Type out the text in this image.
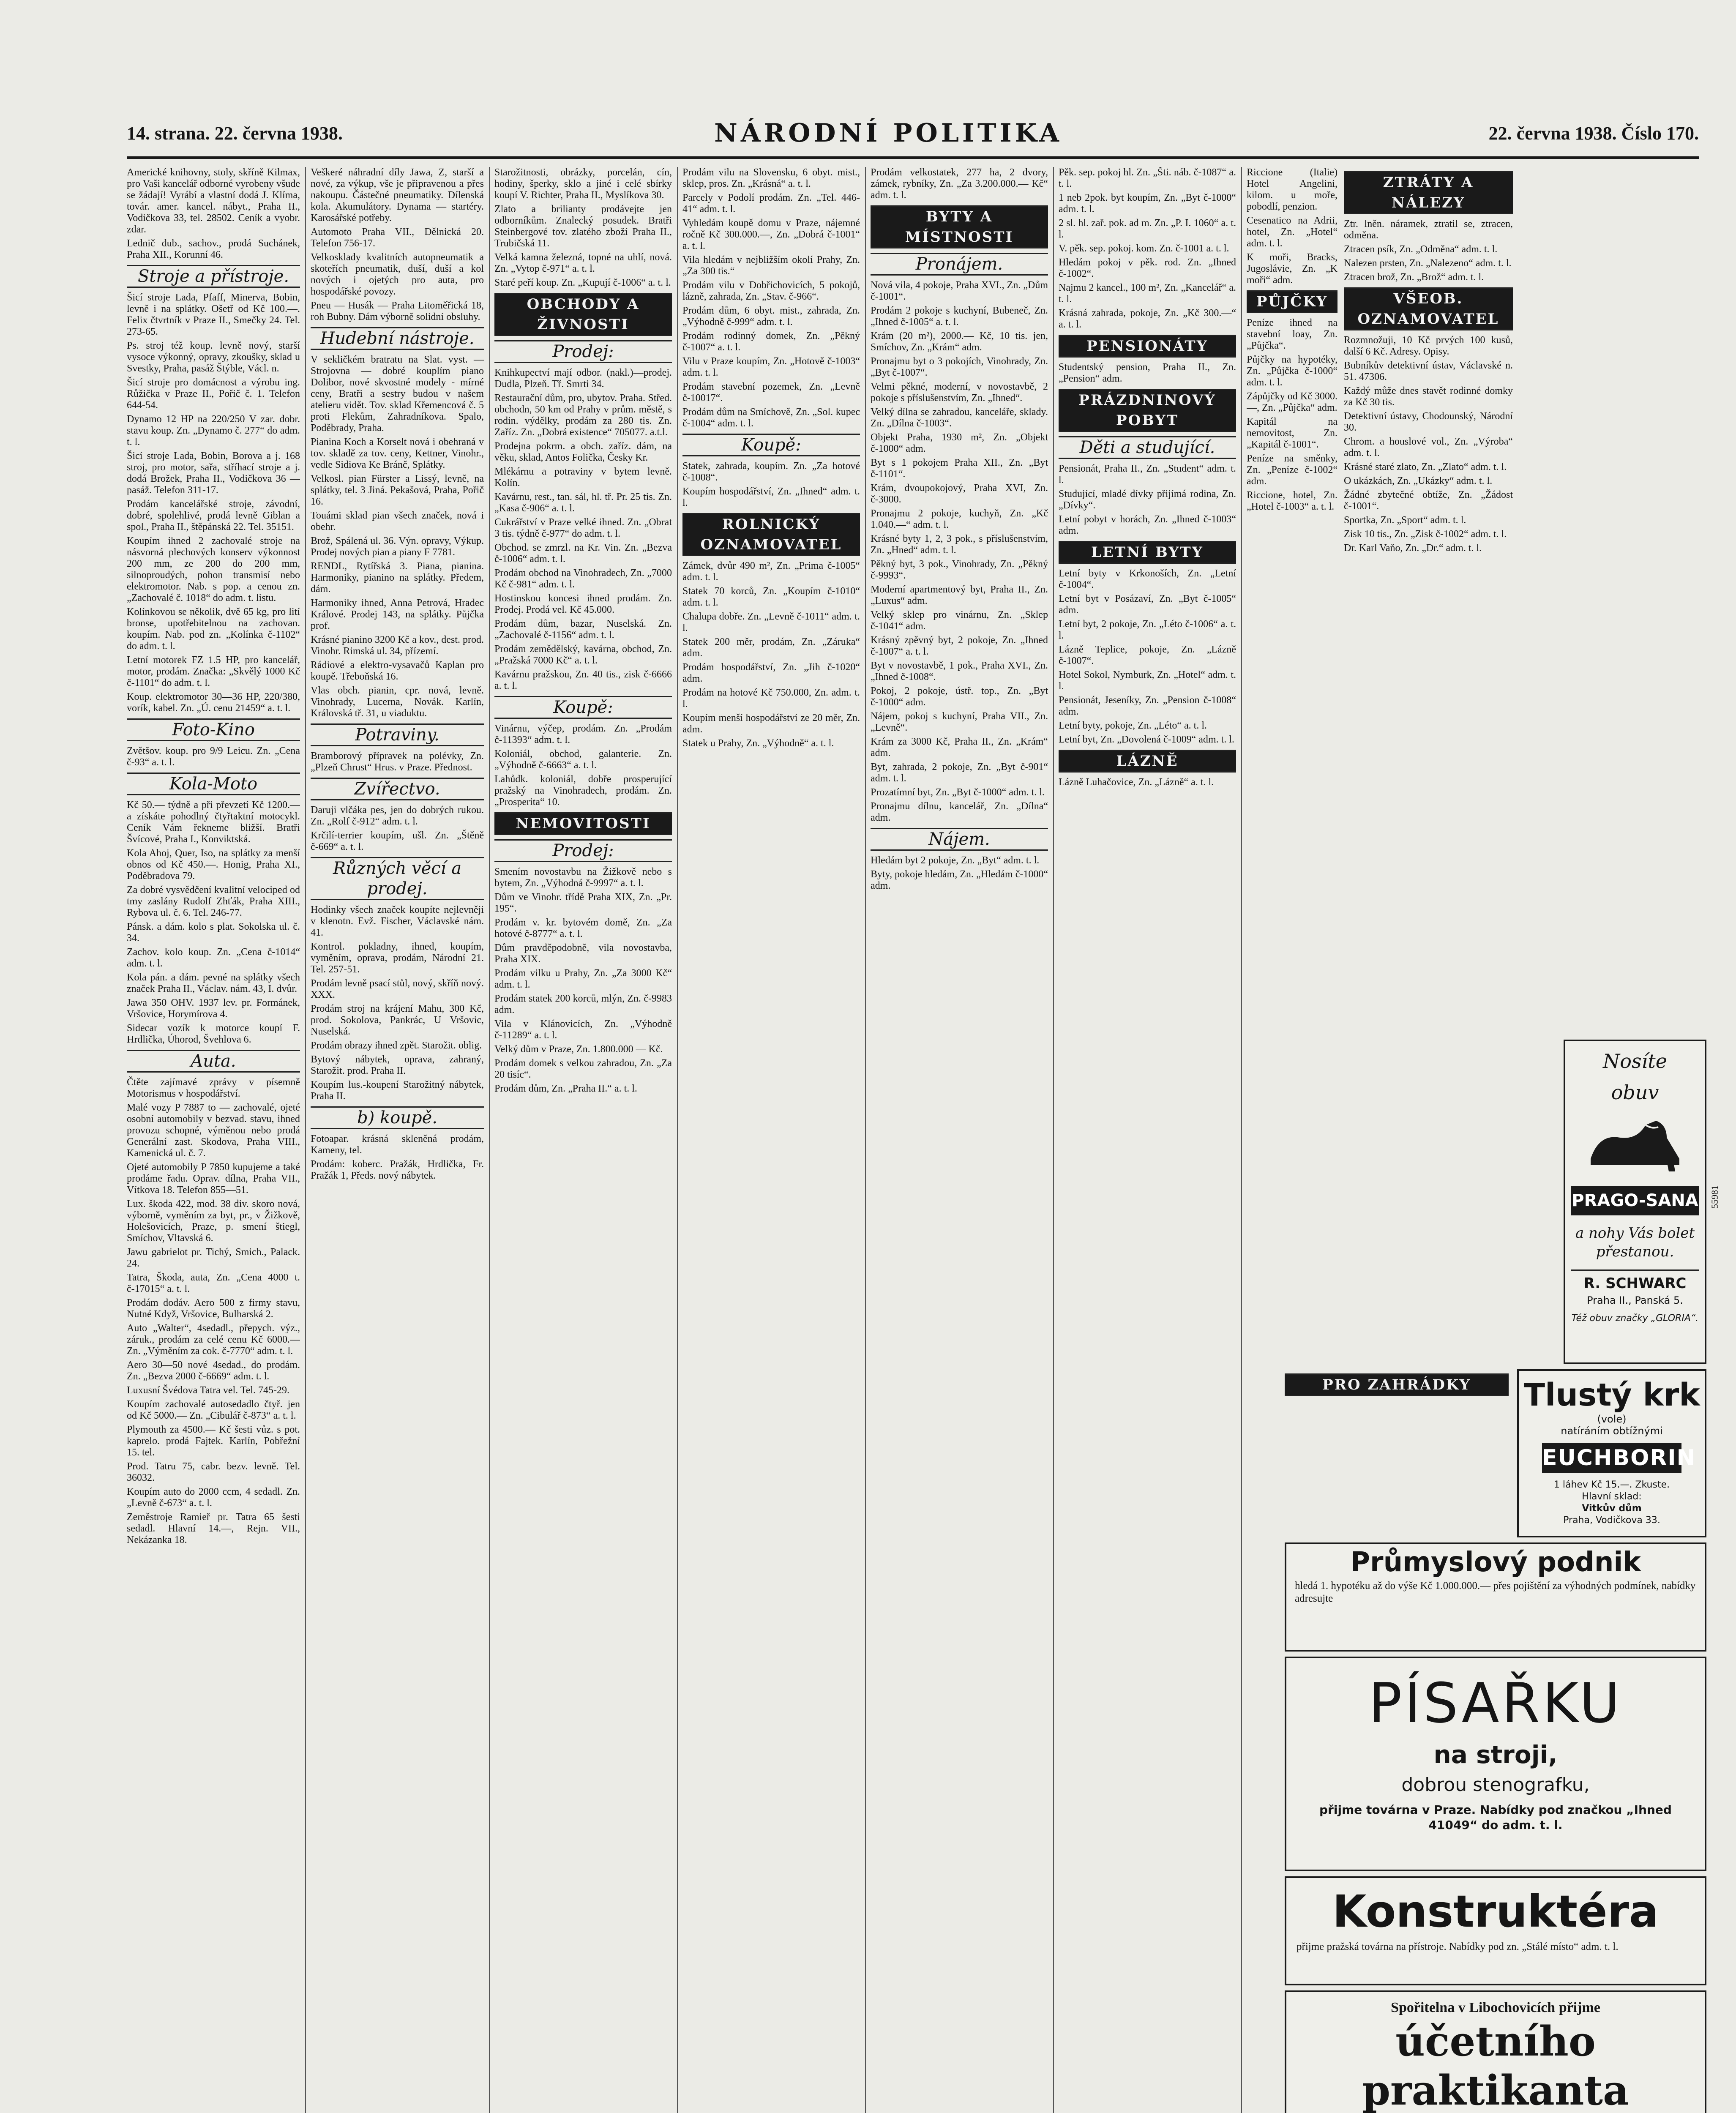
14. strana. 22. června 1938.	NÁRODNÍ POLITIKA	22. června 1938. Číslo 170.

Americké knihovny, stoly, skříně Kilmax, pro Vaši kancelář odborné vyrobeny všude se žádají! Vyrábí a vlastní dodá J. Klíma, továr. amer. kancel. nábyt., Praha II., Vodičkova 33, tel. 28502. Ceník a vyobr. zdar.

Lednič dub., sachov., prodá Suchánek, Praha XII., Korunní 46.

Stroje a přístroje.

Šicí stroje Lada, Pfaff, Minerva, Bobin, levně i na splátky. Ošetř od Kč 100.—. Felix čtvrtník v Praze II., Smečky 24. Tel. 273-65.

Ps. stroj též koup. levně nový, starší vysoce výkonný, opravy, zkoušky, sklad u Svestky, Praha, pasáž Štýble, Václ. n.

Šicí stroje pro domácnost a výrobu ing. Růžička v Praze II., Pořič č. 1. Telefon 644-54.

Dynamo 12 HP na 220/250 V zar. dobr. stavu koup. Zn. „Dynamo č. 277“ do adm. t. l.

Šicí stroje Lada, Bobin, Borova a j. 168 stroj, pro motor, sařa, stříhací stroje a j. dodá Brožek, Praha II., Vodičkova 36 — pasáž. Telefon 311-17.

Prodám kancelářské stroje, závodní, dobré, spolehlivé, prodá levně Giblan a spol., Praha II., štěpánská 22. Tel. 35151.

Koupím ihned 2 zachovalé stroje na násvorná plechových konserv výkonnost 200 mm, ze 200 do 200 mm, silnoproudých, pohon transmisí nebo elektromotor. Nab. s pop. a cenou zn. „Zachovalé č. 1018“ do adm. t. listu.

Kolínkovou se několik, dvě 65 kg, pro lití bronse, upotřebitelnou na zachovan. koupím. Nab. pod zn. „Kolínka č-1102“ do adm. t. l.

Letní motorek FZ 1.5 HP, pro kancelář, motor, prodám. Značka: „Skvělý 1000 Kč č-1101“ do adm. t. l.

Koup. elektromotor 30—36 HP, 220/380, vorík, kabel. Zn. „Ú. cenu 21459“ a. t. l.

Foto-Kino

Zvětšov. koup. pro 9/9 Leicu. Zn. „Cena č-93“ a. t. l.

Kola-Moto

Kč 50.— týdně a při převzetí Kč 1200.— a získáte pohodlný čtyřtaktní motocykl. Ceník Vám řekneme bližší. Bratři Švícové, Praha I., Konviktská.

Kola Ahoj, Quer, Iso, na splátky za menší obnos od Kč 450.—. Honig, Praha XI., Poděbradova 79.

Za dobré vysvědčení kvalitní velociped od tmy zaslány Rudolf Zhťák, Praha XIII., Rybova ul. č. 6. Tel. 246-77.

Pánsk. a dám. kolo s plat. Sokolska ul. č. 34.

Zachov. kolo koup. Zn. „Cena č-1014“ adm. t. l.

Kola pán. a dám. pevné na splátky všech značek Praha II., Václav. nám. 43, I. dvůr.

Jawa 350 OHV. 1937 lev. pr. Formánek, Vršovice, Horymírova 4.

Sidecar vozík k motorce koupí F. Hrdlička, Úhorod, Švehlova 6.

Auta.

Čtěte zajímavé zprávy v písemně Motorismus v hospodářství.

Malé vozy P 7887 to — zachovalé, ojeté osobní automobily v bezvad. stavu, ihned provozu schopné, výměnou nebo prodá Generální zast. Skodova, Praha VIII., Kamenická ul. č. 7.

Ojeté automobily P 7850 kupujeme a také prodáme řadu. Oprav. dílna, Praha VII., Vítkova 18. Telefon 855—51.

Lux. škoda 422, mod. 38 div. skoro nová, výborně, vyměním za byt, pr., v Žižkově, Holešovicích, Praze, p. smení štiegl, Smíchov, Vltavská 6.

Jawu gabrielot pr. Tichý, Smich., Palack. 24.

Tatra, Škoda, auta, Zn. „Cena 4000 t. č-17015“ a. t. l.

Prodám dodáv. Aero 500 z firmy stavu, Nutné Když, Vršovice, Bulharská 2.

Auto „Walter“, 4sedadl., přepych. výz., záruk., prodám za celé cenu Kč 6000.— Zn. „Výměním za cok. č-7770“ adm. t. l.

Aero 30—50 nové 4sedad., do prodám. Zn. „Bezva 2000 č-6669“ adm. t. l.

Luxusní Švédova Tatra vel. Tel. 745-29.

Koupím zachovalé autosedadlo čtyř. jen od Kč 5000.— Zn. „Cibulář č-873“ a. t. l.

Plymouth za 4500.— Kč šesti vůz. s pot. kaprelo. prodá Fajtek. Karlín, Pobřežní 15. tel.

Prod. Tatru 75, cabr. bezv. levně. Tel. 36032.

Koupím auto do 2000 ccm, 4 sedadl. Zn. „Levně č-673“ a. t. l.

Zeměstroje Ramieř pr. Tatra 65 šesti sedadl. Hlavní 14.—, Rejn. VII., Nekázanka 18.

Veškeré náhradní díly Jawa, Z, starší a nové, za výkup, vše je připravenou a přes nakoupu. Částečné pneumatiky. Dílenská kola. Akumulátory. Dynama — startéry. Karosářské potřeby.

Automoto Praha VII., Dělnická 20. Telefon 756-17.

Velkosklady kvalitních autopneumatik a skoteřích pneumatik, duší, duší a kol nových i ojetých pro auta, pro hospodářské povozy.

Pneu — Husák — Praha Litoměřická 18, roh Bubny. Dám výborně solidní obsluhy.

Hudební nástroje.

V sekličkém bratratu na Slat. vyst. — Strojovna — dobré kouplím piano Dolibor, nové skvostné modely - mírné ceny, Bratři a sestry budou v našem atelieru vidět. Tov. sklad Křemencová č. 5 proti Flekům, Zahradníkova. Spalo, Poděbrady, Praha.

Pianina Koch a Korselt nová i obehraná v tov. skladě za tov. ceny, Kettner, Vinohr., vedle Sidiova Ke Bránč, Splátky.

Velkosl. pian Fürster a Lissý, levně, na splátky, tel. 3 Jiná. Pekašová, Praha, Pořič 16.

Touámi sklad pian všech značek, nová i obehr.

Brož, Spálená ul. 36. Výn. opravy, Výkup. Prodej nových pian a piany F 7781.

RENDL, Rytířská 3. Piana, pianina. Harmoniky, pianino na splátky. Předem, dám.

Harmoniky ihned, Anna Petrová, Hradec Králové. Prodej 143, na splátky. Půjčka prof.

Krásné pianino 3200 Kč a kov., dest. prod. Vinohr. Rimská ul. 34, přízemí.

Rádiové a elektro-vysavačů Kaplan pro koupě. Třeboňská 16.

Vlas obch. pianin, cpr. nová, levně. Vinohrady, Lucerna, Novák. Karlín, Královská tř. 31, u viaduktu.

Potraviny.

Bramborový přípravek na polévky, Zn. „Plzeň Chrust“ Hrus. v Praze. Přednost.

Zvířectvo.

Daruji vlčáka pes, jen do dobrých rukou. Zn. „Rolf č-912“ adm. t. l.

Krčilí-terrier koupím, ušl. Zn. „Štěně č-669“ a. t. l.

Různých věcí a prodej.

Hodinky všech značek koupíte nejlevněji v klenotn. Evž. Fischer, Václavské nám. 41.

Kontrol. pokladny, ihned, koupím, vyměním, oprava, prodám, Národní 21. Tel. 257-51.

Prodám levně psací stůl, nový, skříň nový. XXX.

Prodám stroj na krájení Mahu, 300 Kč, prod. Sokolova, Pankrác, U Vršovic, Nuselská.

Prodám obrazy ihned zpět. Starožit. oblig.

Bytový nábytek, oprava, zahraný, Starožit. prod. Praha II.

Koupím lus.-koupení Starožitný nábytek, Praha II.

b) koupě.

Fotoapar. krásná skleněná prodám, Kameny, tel.

Prodám: koberc. Pražák, Hrdlička, Fr. Pražák 1, Předs. nový nábytek.

Starožitnosti, obrázky, porcelán, cín, hodiny, šperky, sklo a jiné i celé sbírky koupí V. Richter, Praha II., Myslíkova 30.

Zlato a brilianty prodávejte jen odborníkům. Znalecký posudek. Bratři Steinbergové tov. zlatého zboží Praha II., Trubičská 11.

Velká kamna železná, topné na uhlí, nová. Zn. „Vytop č-971“ a. t. l.

Staré peří koup. Zn. „Kupují č-1006“ a. t. l.

OBCHODY A ŽIVNOSTI
Prodej:

Knihkupectví mají odbor. (nakl.)—prodej. Dudla, Plzeň. Tř. Smrti 34.

Restaurační dům, pro, ubytov. Praha. Střed. obchodn, 50 km od Prahy v prům. městě, s rodin. výdělky, prodám za 280 tis. Zn. Zaříz. Zn. „Dobrá existence“ 705077. a.t.l.

Prodejna pokrm. a obch. zaříz. dám, na věku, sklad, Antos Folička, Česky Kr.

Mlékárnu a potraviny v bytem levně. Kolín.

Kavárnu, rest., tan. sál, hl. tř. Pr. 25 tis. Zn. „Kasa č-906“ a. t. l.

Cukrářství v Praze velké ihned. Zn. „Obrat 3 tis. týdně č-977“ do adm. t. l.

Obchod. se zmrzl. na Kr. Vin. Zn. „Bezva č-1006“ adm. t. l.

Prodám obchod na Vinohradech, Zn. „7000 Kč č-981“ adm. t. l.

Hostinskou koncesi ihned prodám. Zn. Prodej. Prodá vel. Kč 45.000.

Prodám dům, bazar, Nuselská. Zn. „Zachovalé č-1156“ adm. t. l.

Prodám zemědělský, kavárna, obchod, Zn. „Pražská 7000 Kč“ a. t. l.

Kavárnu pražskou, Zn. 40 tis., zisk č-6666 a. t. l.

Koupě:

Vinárnu, výčep, prodám. Zn. „Prodám č-11393“ adm. t. l.

Koloniál, obchod, galanterie. Zn. „Výhodně č-6663“ a. t. l.

Lahůdk. koloniál, dobře prosperující pražský na Vinohradech, prodám. Zn. „Prosperita“ 10.

NEMOVITOSTI
Prodej:

Smením novostavbu na Žižkově nebo s bytem, Zn. „Výhodná č-9997“ a. t. l.

Dům ve Vinohr. třídě Praha XIX, Zn. „Pr. 195“.

Prodám v. kr. bytovém domě, Zn. „Za hotové č-8777“ a. t. l.

Dům pravděpodobně, vila novostavba, Praha XIX.

Prodám vilku u Prahy, Zn. „Za 3000 Kč“ adm. t. l.

Prodám statek 200 korců, mlýn, Zn. č-9983 adm.

Vila v Klánovicích, Zn. „Výhodně č-11289“ a. t. l.

Velký dům v Praze, Zn. 1.800.000 — Kč.

Prodám domek s velkou zahradou, Zn. „Za 20 tisíc“.

Prodám dům, Zn. „Praha II.“ a. t. l.

Prodám vilu na Slovensku, 6 obyt. mist., sklep, pros. Zn. „Krásná“ a. t. l.

Parcely v Podolí prodám. Zn. „Tel. 446-41“ adm. t. l.

Vyhledám koupě domu v Praze, nájemné ročně Kč 300.000.—, Zn. „Dobrá č-1001“ a. t. l.

Vila hledám v nejbližším okolí Prahy, Zn. „Za 300 tis.“

Prodám vilu v Dobřichovicích, 5 pokojů, lázně, zahrada, Zn. „Stav. č-966“.

Prodám dům, 6 obyt. mist., zahrada, Zn. „Výhodně č-999“ adm. t. l.

Prodám rodinný domek, Zn. „Pěkný č-1007“ a. t. l.

Vilu v Praze koupím, Zn. „Hotově č-1003“ adm. t. l.

Prodám stavební pozemek, Zn. „Levně č-10017“.

Prodám dům na Smíchově, Zn. „Sol. kupec č-1004“ adm. t. l.

Koupě:

Statek, zahrada, koupím. Zn. „Za hotové č-1008“.

Koupím hospodářství, Zn. „Ihned“ adm. t. l.

ROLNICKÝ OZNAMOVATEL

Zámek, dvůr 490 m², Zn. „Prima č-1005“ adm. t. l.

Statek 70 korců, Zn. „Koupím č-1010“ adm. t. l.

Chalupa dobře. Zn. „Levně č-1011“ adm. t. l.

Statek 200 měr, prodám, Zn. „Záruka“ adm.

Prodám hospodářství, Zn. „Jih č-1020“ adm.

Prodám na hotové Kč 750.000, Zn. adm. t. l.

Koupím menší hospodářství ze 20 měr, Zn. adm.

Statek u Prahy, Zn. „Výhodně“ a. t. l.

Prodám velkostatek, 277 ha, 2 dvory, zámek, rybníky, Zn. „Za 3.200.000.— Kč“ adm. t. l.

BYTY A MÍSTNOSTI
Pronájem.

Nová vila, 4 pokoje, Praha XVI., Zn. „Dům č-1001“.

Prodám 2 pokoje s kuchyní, Bubeneč, Zn. „Ihned č-1005“ a. t. l.

Krám (20 m²), 2000.— Kč, 10 tis. jen, Smíchov, Zn. „Krám“ adm.

Pronajmu byt o 3 pokojích, Vinohrady, Zn. „Byt č-1007“.

Velmi pěkné, moderní, v novostavbě, 2 pokoje s příslušenstvím, Zn. „Ihned“.

Velký dílna se zahradou, kanceláře, sklady. Zn. „Dílna č-1003“.

Objekt Praha, 1930 m², Zn. „Objekt č-1000“ adm.

Byt s 1 pokojem Praha XII., Zn. „Byt č-1101“.

Krám, dvoupokojový, Praha XVI, Zn. č-3000.

Pronajmu 2 pokoje, kuchyň, Zn. „Kč 1.040.—“ adm. t. l.

Krásné byty 1, 2, 3 pok., s příslušenstvím, Zn. „Hned“ adm. t. l.

Pěkný byt, 3 pok., Vinohrady, Zn. „Pěkný č-9993“.

Moderní apartmentový byt, Praha II., Zn. „Luxus“ adm.

Velký sklep pro vinárnu, Zn. „Sklep č-1041“ adm.

Krásný zpěvný byt, 2 pokoje, Zn. „Ihned č-1007“ a. t. l.

Byt v novostavbě, 1 pok., Praha XVI., Zn. „Ihned č-1008“.

Pokoj, 2 pokoje, ústř. top., Zn. „Byt č-1000“ adm.

Nájem, pokoj s kuchyní, Praha VII., Zn. „Levně“.

Krám za 3000 Kč, Praha II., Zn. „Krám“ adm.

Byt, zahrada, 2 pokoje, Zn. „Byt č-901“ adm. t. l.

Prozatímní byt, Zn. „Byt č-1000“ adm. t. l.

Pronajmu dílnu, kancelář, Zn. „Dílna“ adm.

Nájem.

Hledám byt 2 pokoje, Zn. „Byt“ adm. t. l.

Byty, pokoje hledám, Zn. „Hledám č-1000“ adm.

Pěk. sep. pokoj hl. Zn. „Šti. náb. č-1087“ a. t. l.

1 neb 2pok. byt koupím, Zn. „Byt č-1000“ adm. t. l.

2 sl. hl. zař. pok. ad m. Zn. „P. I. 1060“ a. t. l.

V. pěk. sep. pokoj. kom. Zn. č-1001 a. t. l.

Hledám pokoj v pěk. rod. Zn. „Ihned č-1002“.

Najmu 2 kancel., 100 m², Zn. „Kancelář“ a. t. l.

Krásná zahrada, pokoje, Zn. „Kč 300.—“ a. t. l.

PENSIONÁTY

Studentský pension, Praha II., Zn. „Pension“ adm.

PRÁZDNINOVÝ POBYT
Děti a studující.

Pensionát, Praha II., Zn. „Student“ adm. t. l.

Studující, mladé dívky přijímá rodina, Zn. „Dívky“.

Letní pobyt v horách, Zn. „Ihned č-1003“ adm.

LETNÍ BYTY

Letní byty v Krkonoších, Zn. „Letní č-1004“.

Letní byt v Posázaví, Zn. „Byt č-1005“ adm.

Letní byt, 2 pokoje, Zn. „Léto č-1006“ a. t. l.

Lázně Teplice, pokoje, Zn. „Lázně č-1007“.

Hotel Sokol, Nymburk, Zn. „Hotel“ adm. t. l.

Pensionát, Jeseníky, Zn. „Pension č-1008“ adm.

Letní byty, pokoje, Zn. „Léto“ a. t. l.

Letní byt, Zn. „Dovolená č-1009“ adm. t. l.

LÁZNĚ

Lázně Luhačovice, Zn. „Lázně“ a. t. l.

Riccione (Italie) Hotel Angelini, kilom. u moře, pobodlí, penzion.

Cesenatico na Adrii, hotel, Zn. „Hotel“ adm. t. l.

K moři, Bracks, Jugoslávie, Zn. „K moři“ adm.

PŮJČKY

Peníze ihned na stavební loay, Zn. „Půjčka“.

Půjčky na hypotéky, Zn. „Půjčka č-1000“ adm. t. l.

Zápůjčky od Kč 3000.—, Zn. „Půjčka“ adm.

Kapitál na nemovitost, Zn. „Kapitál č-1001“.

Peníze na směnky, Zn. „Peníze č-1002“ adm.

Riccione, hotel, Zn. „Hotel č-1003“ a. t. l.

ZTRÁTY A NÁLEZY

Ztr. lněn. náramek, ztratil se, ztracen, odměna.

Ztracen psík, Zn. „Odměna“ adm. t. l.

Nalezen prsten, Zn. „Nalezeno“ adm. t. l.

Ztracen brož, Zn. „Brož“ adm. t. l.

VŠEOB. OZNAMOVATEL

Rozmnožuji, 10 Kč prvých 100 kusů, další 6 Kč. Adresy. Opisy.

Bubníkův detektivní ústav, Václavské n. 51. 47306.

Každý může dnes stavět rodinné domky za Kč 30 tis.

Detektivní ústavy, Chodounský, Národní 30.

Chrom. a houslové vol., Zn. „Výroba“ adm. t. l.

Krásné staré zlato, Zn. „Zlato“ adm. t. l.

O ukázkách, Zn. „Ukázky“ adm. t. l.

Žádné zbytečné obtíže, Zn. „Žádost č-1001“.

Sportka, Zn. „Sport“ adm. t. l.

Zisk 10 tis., Zn. „Zisk č-1002“ adm. t. l.

Dr. Karl Vaňo, Zn. „Dr.“ adm. t. l.

PRO ZAHRÁDKY
Nosíte
obuv
PRAGO-SANA
a nohy Vás bolet
přestanou.
R. SCHWARC
Praha II., Panská 5.
Též obuv značky „GLORIA“.
Tlustý krk
(vole)
natíráním obtížnými
EUCHBORIN
1 láhev Kč 15.—. Zkuste.
Hlavní sklad:
Vitkův dům
Praha, Vodičkova 33.
Průmyslový podnik
hledá 1. hypotéku až do výše Kč 1.000.000.— přes pojištění za výhodných podmínek, nabídky adresujte
PÍSAŘKU
na stroji,
dobrou stenografku,
přijme továrna v Praze. Nabídky pod značkou „Ihned 41049“ do adm. t. l.
Konstruktéra
přijme pražská továrna na přístroje. Nabídky pod zn. „Stálé místo“ adm. t. l.
Spořitelna v Libochovicích přijme
účetního
praktikanta
55981
